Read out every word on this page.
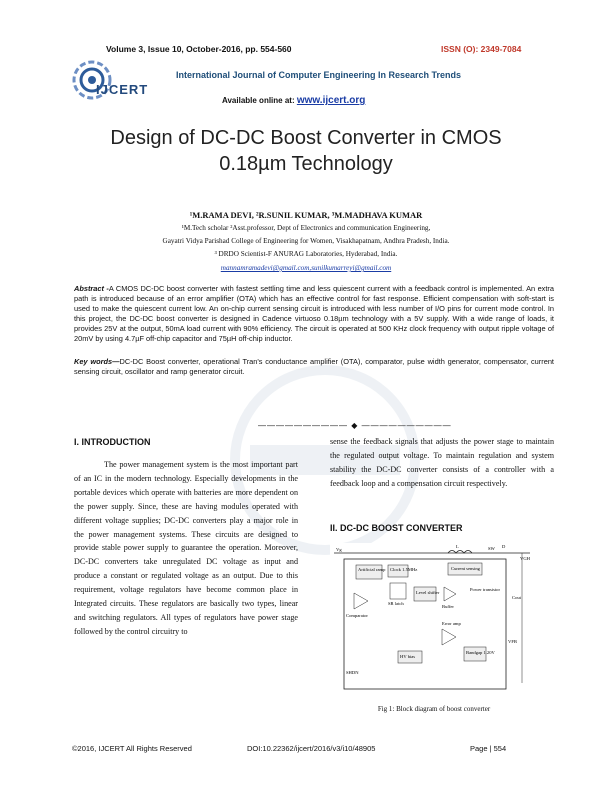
Volume 3, Issue 10, October-2016, pp. 554-560	ISSN (O): 2349-7084
IJCERT
International Journal of Computer Engineering In Research Trends
Available online at: www.ijcert.org
Design of DC-DC Boost Converter in CMOS
0.18µm Technology
¹M.RAMA DEVI, ²R.SUNIL KUMAR, ³M.MADHAVA KUMAR
¹M.Tech scholar ²Asst.professor, Dept of Electronics and communication Engineering,
Gayatri Vidya Parishad College of Engineering for Women, Visakhapatnam, Andhra Pradesh, India.
³ DRDO Scientist-F ANURAG Laboratories, Hyderabad, India.
mannamramadevi@gmail.com,sunilkumarreyi@gmail.com
Abstract -A CMOS DC-DC boost converter with fastest settling time and less quiescent current with a feedback control is implemented. An extra path is introduced because of an error amplifier (OTA) which has an effective control for fast response. Efficient compensation with soft-start is used to make the quiescent current low. An on-chip current sensing circuit is introduced with less number of I/O pins for current mode control. In this project, the DC-DC boost converter is designed in Cadence virtuoso 0.18µm technology with a 5V supply. With a wide range of loads, it provides 25V at the output, 50mA load current with 90% efficiency. The circuit is operated at 500 KHz clock frequency with output ripple voltage of 20mV by using 4.7µF off-chip capacitor and 75µH off-chip inductor.
Key words—DC-DC Boost converter, operational Tran's conductance amplifier (OTA), comparator, pulse width generator, compensator, current sensing circuit, oscillator and ramp generator circuit.
—————————— ◆ ——————————
I. INTRODUCTION

The power management system is the most important part of an IC in the modern technology. Especially developments in the portable devices which operate with batteries are more dependent on the power supply. Since, these are having modules operated with different voltage supplies; DC-DC converters play a major role in the power management systems. These circuits are designed to provide stable power supply to guarantee the operation. Moreover, DC-DC converters take unregulated DC voltage as input and produce a constant or regulated voltage as an output. Due to this requirement, voltage regulators have become common place in Integrated circuits. These regulators are basically two types, linear and switching regulators. All types of regulators have power stage followed by the control circuitry to

sense the feedback signals that adjusts the power stage to maintain the regulated output voltage. To maintain regulation and system stability the DC-DC converter consists of a controller with a feedback loop and a compensation circuit respectively.

II. DC-DC BOOST CONVERTER
Vg
L	SW D
VGH
Artificial ramp Clock 1.5MHz	Current sensing
SR latch
Level shifter
Buffer
Power transistor
Comparator
Error amp
HV bias
Bandgap 1.20V
SHDN
VFB
Cout
Fig 1: Block diagram of boost converter
©2016, IJCERT All Rights Reserved	DOI:10.22362/ijcert/2016/v3/i10/48905	Page | 554
